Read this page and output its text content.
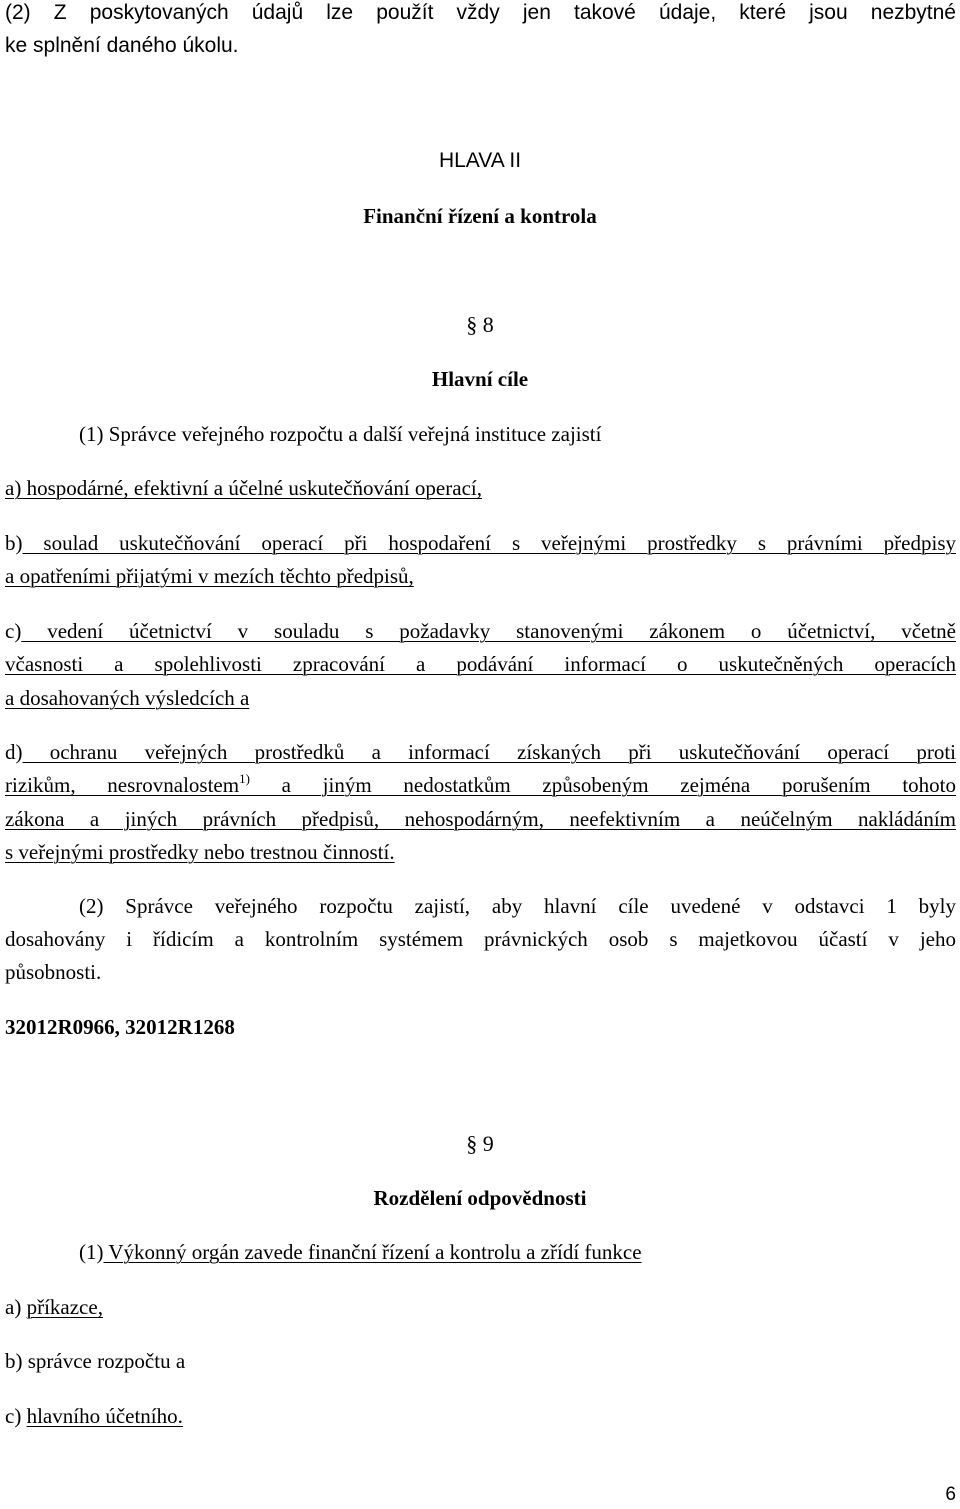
(2) Z poskytovaných údajů lze použít vždy jen takové údaje, které jsou nezbytné
ke splnění daného úkolu.
HLAVA II
Finanční řízení a kontrola
§ 8
Hlavní cíle
(1) Správce veřejného rozpočtu a další veřejná instituce zajistí
a) hospodárné, efektivní a účelné uskutečňování operací,
b) soulad uskutečňování operací při hospodaření s veřejnými prostředky s právními předpisy
a opatřeními přijatými v mezích těchto předpisů,
c) vedení účetnictví v souladu s požadavky stanovenými zákonem o účetnictví, včetně
včasnosti a spolehlivosti zpracování a podávání informací o uskutečněných operacích
a dosahovaných výsledcích a
d) ochranu veřejných prostředků a informací získaných při uskutečňování operací proti
rizikům, nesrovnalostem$^{1)}$ a jiným nedostatkům způsobeným zejména porušením tohoto
zákona a jiných právních předpisů, nehospodárným, neefektivním a neúčelným nakládáním
s veřejnými prostředky nebo trestnou činností.
(2) Správce veřejného rozpočtu zajistí, aby hlavní cíle uvedené v odstavci 1 byly
dosahovány i řídicím a kontrolním systémem právnických osob s majetkovou účastí v jeho
působnosti.
32012R0966, 32012R1268
§ 9
Rozdělení odpovědnosti
(1) Výkonný orgán zavede finanční řízení a kontrolu a zřídí funkce
a) příkazce,
b) správce rozpočtu a
c) hlavního účetního.
6
